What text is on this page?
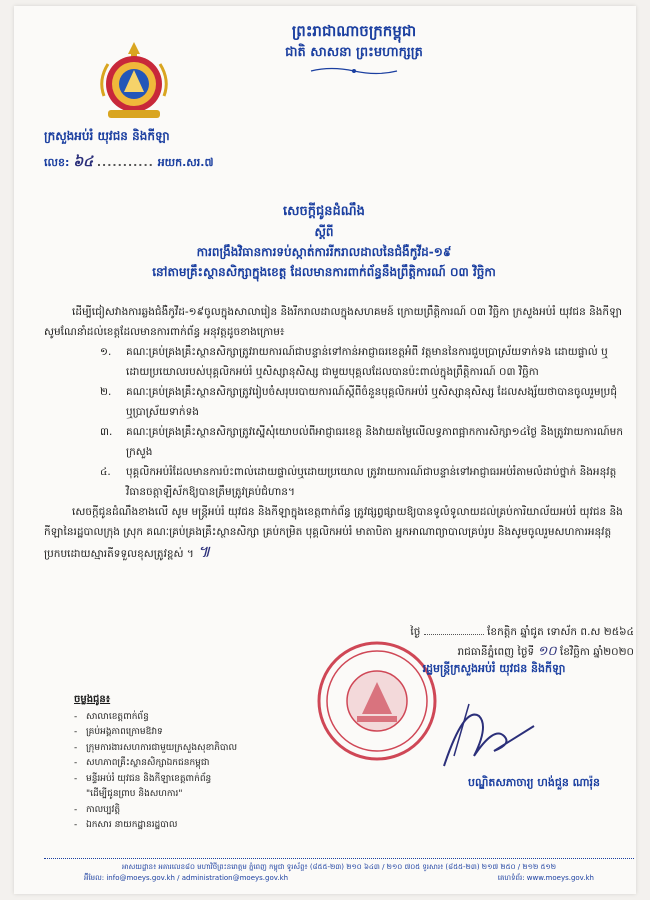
ព្រះរាជាណាចក្រកម្ពុជា
ជាតិ សាសនា ព្រះមហាក្សត្រ
ក្រសួងអប់រំ យុវជន និងកីឡា
លេខ: ៦៤ ........... អយក.សរ.៧
សេចក្តីជូនដំណឹង
ស្តីពី
ការពង្រឹងវិធានការទប់ស្កាត់ការរីករាលដាលនៃជំងឺកូវីដ-១៩
នៅតាមគ្រឹះស្ថានសិក្សាក្នុងខេត្ត ដែលមានការពាក់ព័ន្ធនឹងព្រឹត្តិការណ៍ ០៣ វិច្ឆិកា

ដើម្បីជៀសវាងការឆ្លងជំងឺកូវីដ-១៩ចូលក្នុងសាលារៀន និងរីករាលដាលក្នុងសហគមន៍ ក្រោយព្រឹត្តិការណ៍ ០៣ វិច្ឆិកា ក្រសួងអប់រំ យុវជន និងកីឡាសូមណែនាំដល់ខេត្តដែលមានការពាក់ព័ន្ធ អនុវត្តដូចខាងក្រោម៖

១.	គណៈគ្រប់គ្រងគ្រឹះស្ថានសិក្សាត្រូវរាយការណ៍ជាបន្ទាន់ទៅកាន់អាជ្ញាធរខេត្តអំពី វត្តមាននៃការជួបប្រាស្រ័យទាក់ទង ដោយផ្ទាល់ ឬដោយប្រយោលរបស់បុគ្គលិកអប់រំ ឬសិស្សានុសិស្ស ជាមួយបុគ្គលដែលបានប៉ះពាល់ក្នុងព្រឹត្តិការណ៍ ០៣ វិច្ឆិកា
២.	គណៈគ្រប់គ្រងគ្រឹះស្ថានសិក្សាត្រូវរៀបចំសរុបរបាយការណ៍ស្តីពីចំនួនបុគ្គលិកអប់រំ ឬសិស្សានុសិស្ស ដែលសង្ស័យថាបានចូលរួមប្រជុំ ឬប្រាស្រ័យទាក់ទង
៣.	គណៈគ្រប់គ្រងគ្រឹះស្ថានសិក្សាត្រូវស្នើសុំយោបល់ពីអាជ្ញាធរខេត្ត និងវាយតម្លៃលើលទ្ធភាពផ្អាកការសិក្សា១៤ថ្ងៃ និងត្រូវរាយការណ៍មកក្រសួង
៤.	បុគ្គលិកអប់រំដែលមានការប៉ះពាល់ដោយផ្ទាល់ឬដោយប្រយោល ត្រូវរាយការណ៍ជាបន្ទាន់ទៅអាជ្ញាធរអប់រំតាមលំដាប់ថ្នាក់ និងអនុវត្តវិធានចត្តាឡីស័កឱ្យបានត្រឹមត្រូវគ្រប់ជំហាន។

សេចក្តីជូនដំណឹងខាងលើ សូម មន្ត្រីអប់រំ យុវជន និងកីឡាក្នុងខេត្តពាក់ព័ន្ធ ត្រូវផ្សព្វផ្សាយឱ្យបានទូលំទូលាយដល់គ្រប់ការិយាល័យអប់រំ យុវជន និងកីឡានៃរដ្ឋបាលក្រុង ស្រុក គណៈគ្រប់គ្រងគ្រឹះស្ថានសិក្សា គ្រប់កម្រិត បុគ្គលិកអប់រំ មាតាបិតា អ្នកអាណាព្យាបាលគ្រប់រូប និងសូមចូលរួមសហការអនុវត្តប្រកបដោយស្មារតីទទួលខុសត្រូវខ្ពស់ ។ ៕

ថ្ងៃ	ខែកត្តិក ឆ្នាំជូត ទោស័ក ព.ស ២៥៦៤
រាជធានីភ្នំពេញ ថ្ងៃទី ១០ ខែវិច្ឆិកា ឆ្នាំ២០២០
រដ្ឋមន្ត្រីក្រសួងអប់រំ យុវជន និងកីឡា
បណ្ឌិតសភាចារ្យ ហង់ជួន ណារ៉ុន
ចម្លងជូន៖
- សាលាខេត្តពាក់ព័ន្ធ
- គ្រប់អង្គភាពក្រោមឱវាទ
- ក្រុមការងារសហការជាមួយក្រសួងសុខាភិបាល
- សហភាពគ្រឹះស្ថានសិក្សាឯកជនកម្ពុជា
- មន្ទីរអប់រំ យុវជន និងកីឡាខេត្តពាក់ព័ន្ធ
"ដើម្បីជូនព្រាប និងសហការ"
- កាលប្បវត្តិ
- ឯកសារ នាយកដ្ឋានរដ្ឋបាល
អាសយដ្ឋាន៖ អគារលេខ៨០ មហាវិថីព្រះនរោត្តម ភ្នំពេញ កម្ពុជា ទូរស័ព្ទ៖ (៨៥៥-២៣) ២១០ ៦៤៣ / ២១០ ៧០៥ ទូរសារ៖ (៨៥៥-២៣) ២១៧ ២៥០ / ២១២ ៥១២
អ៊ីមែល: info@moeys.gov.kh / administration@moeys.gov.kh	គេហទំព័រ: www.moeys.gov.kh
